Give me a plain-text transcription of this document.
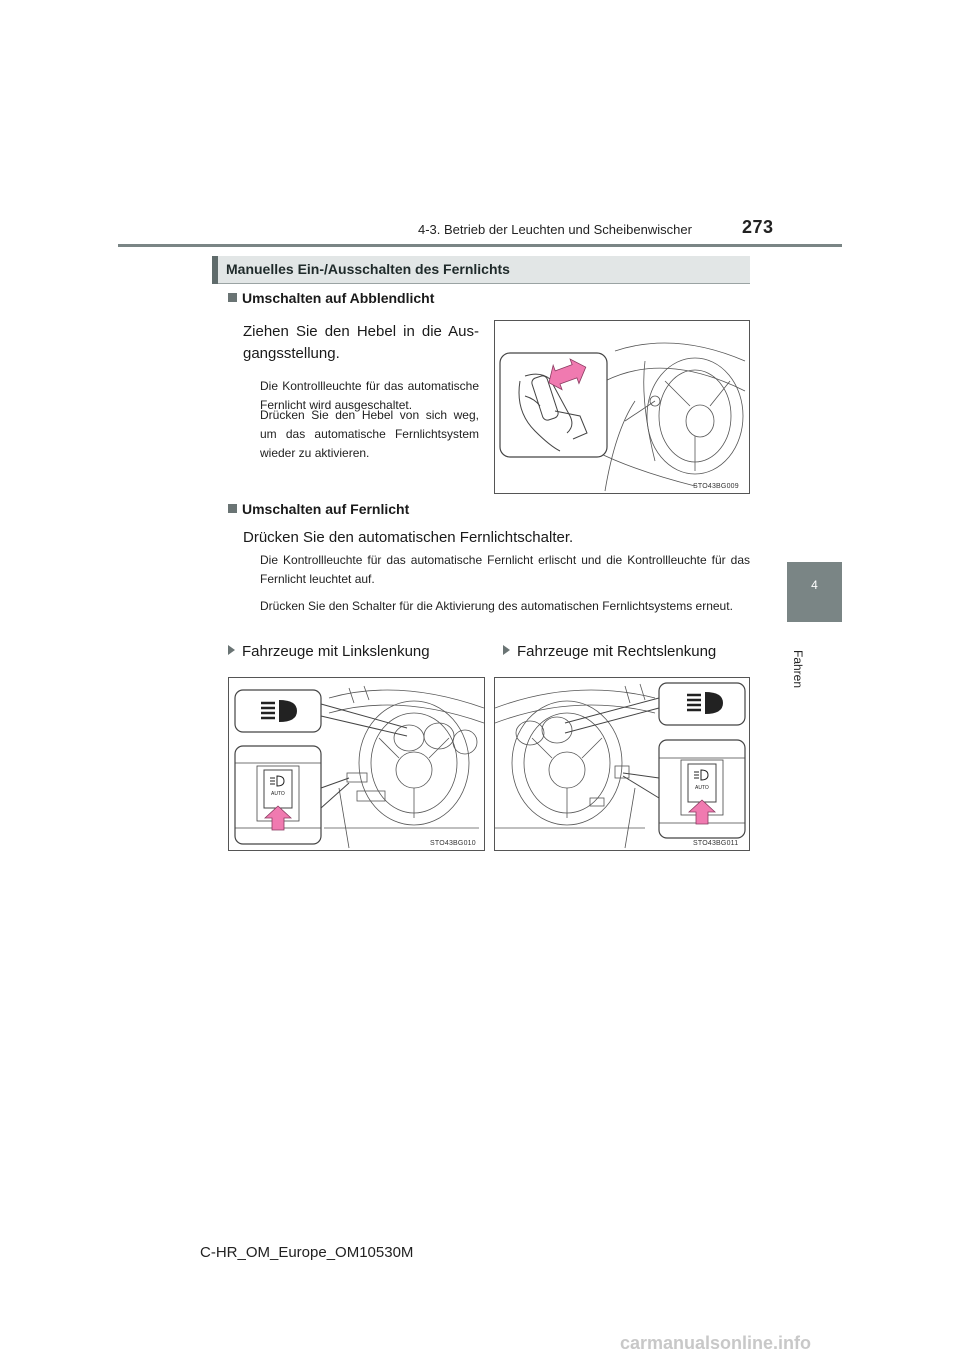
4-3. Betrieb der Leuchten und Scheibenwischer	273
4
Fahren
Manuelles Ein-/Ausschalten des Fernlichts
Umschalten auf Abblendlicht
Ziehen Sie den Hebel in die Ausgangsstellung.
Die Kontrollleuchte für das automatische Fernlicht wird ausgeschaltet.
Drücken Sie den Hebel von sich weg, um das automatische Fernlichtsystem wieder zu aktivieren.
STO43BG009
Umschalten auf Fernlicht
Drücken Sie den automatischen Fernlichtschalter.
Die Kontrollleuchte für das automatische Fernlicht erlischt und die Kontrollleuchte für das Fernlicht leuchtet auf.
Drücken Sie den Schalter für die Aktivierung des automatischen Fernlichtsystems erneut.
Fahrzeuge mit Linkslenkung	Fahrzeuge mit Rechtslenkung
AUTO
STO43BG010
AUTO
STO43BG011
C-HR_OM_Europe_OM10530M
carmanualsonline.info
